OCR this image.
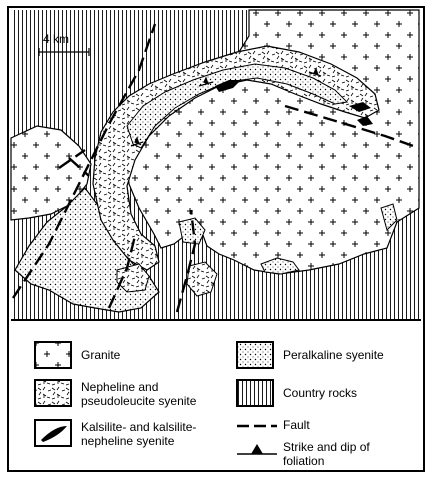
4 km
Granite
Nepheline and
pseudoleucite syenite
Kalsilite- and kalsilite-
nepheline syenite
Peralkaline syenite
Country rocks
Fault
Strike and dip of
foliation
